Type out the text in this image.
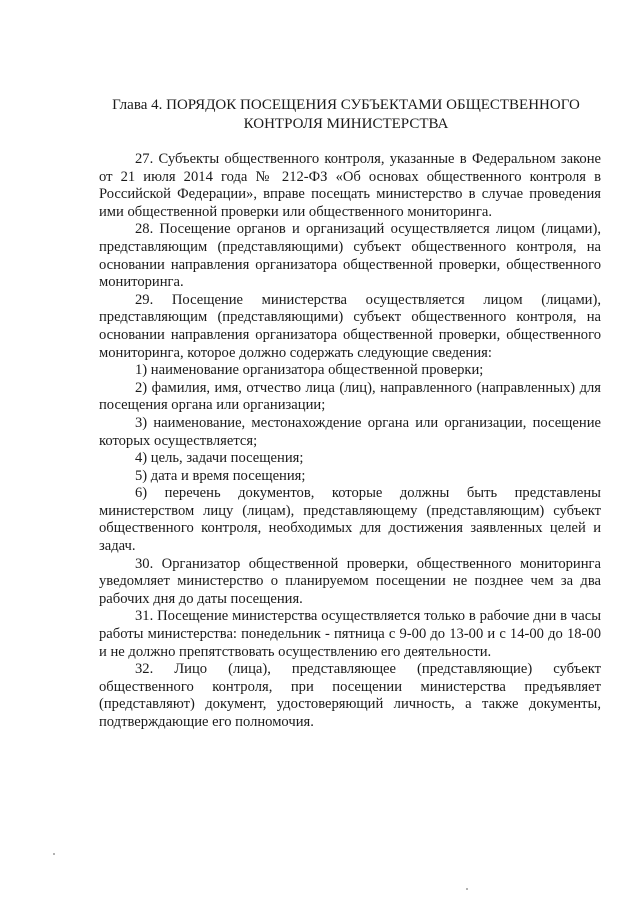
Глава 4. ПОРЯДОК ПОСЕЩЕНИЯ СУБЪЕКТАМИ ОБЩЕСТВЕННОГО
КОНТРОЛЯ МИНИСТЕРСТВА

27. Субъекты общественного контроля, указанные в Федеральном законе от 21 июля 2014 года № 212-ФЗ «Об основах общественного контроля в Российской Федерации», вправе посещать министерство в случае проведения ими общественной проверки или общественного мониторинга.

28. Посещение органов и организаций осуществляется лицом (лицами), представляющим (представляющими) субъект общественного контроля, на основании направления организатора общественной проверки, общественного мониторинга.

29. Посещение министерства осуществляется лицом (лицами), представляющим (представляющими) субъект общественного контроля, на основании направления организатора общественной проверки, общественного мониторинга, которое должно содержать следующие сведения:

1) наименование организатора общественной проверки;

2) фамилия, имя, отчество лица (лиц), направленного (направленных) для посещения органа или организации;

3) наименование, местонахождение органа или организации, посещение которых осуществляется;

4) цель, задачи посещения;

5) дата и время посещения;

6) перечень документов, которые должны быть представлены министерством лицу (лицам), представляющему (представляющим) субъект общественного контроля, необходимых для достижения заявленных целей и задач.

30. Организатор общественной проверки, общественного мониторинга уведомляет министерство о планируемом посещении не позднее чем за два рабочих дня до даты посещения.

31. Посещение министерства осуществляется только в рабочие дни в часы работы министерства: понедельник - пятница с 9-00 до 13-00 и с 14-00 до 18-00 и не должно препятствовать осуществлению его деятельности.

32. Лицо (лица), представляющее (представляющие) субъект общественного контроля, при посещении министерства предъявляет (представляют) документ, удостоверяющий личность, а также документы, подтверждающие его полномочия.
